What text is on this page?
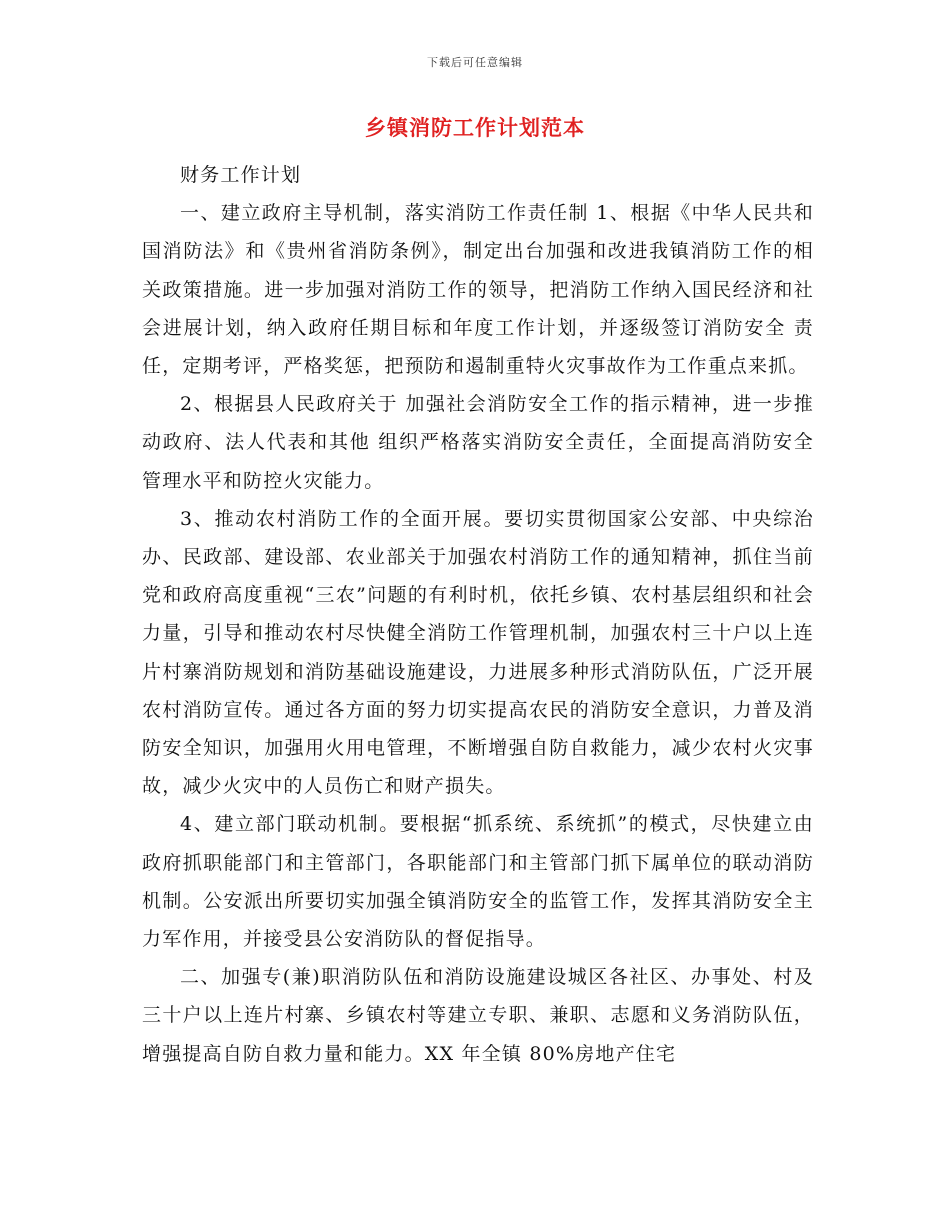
下载后可任意编辑
乡镇消防工作计划范本

财务工作计划

一、建立政府主导机制，落实消防工作责任制 1、根据《中华人民共和国消防法》和《贵州省消防条例》，制定出台加强和改进我镇消防工作的相关政策措施。进一步加强对消防工作的领导，把消防工作纳入国民经济和社会进展计划，纳入政府任期目标和年度工作计划，并逐级签订消防安全 责任，定期考评，严格奖惩，把预防和遏制重特火灾事故作为工作重点来抓。

2、根据县人民政府关于 加强社会消防安全工作的指示精神，进一步推动政府、法人代表和其他 组织严格落实消防安全责任，全面提高消防安全管理水平和防控火灾能力。

3、推动农村消防工作的全面开展。要切实贯彻国家公安部、中央综治办、民政部、建设部、农业部关于加强农村消防工作的通知精神，抓住当前党和政府高度重视“三农”问题的有利时机，依托乡镇、农村基层组织和社会力量，引导和推动农村尽快健全消防工作管理机制，加强农村三十户以上连片村寨消防规划和消防基础设施建设，力进展多种形式消防队伍，广泛开展农村消防宣传。通过各方面的努力切实提高农民的消防安全意识，力普及消防安全知识，加强用火用电管理，不断增强自防自救能力，减少农村火灾事故，减少火灾中的人员伤亡和财产损失。

4、建立部门联动机制。要根据“抓系统、系统抓”的模式，尽快建立由政府抓职能部门和主管部门，各职能部门和主管部门抓下属单位的联动消防机制。公安派出所要切实加强全镇消防安全的监管工作，发挥其消防安全主力军作用，并接受县公安消防队的督促指导。

二、加强专(兼)职消防队伍和消防设施建设城区各社区、办事处、村及三十户以上连片村寨、乡镇农村等建立专职、兼职、志愿和义务消防队伍，增强提高自防自救力量和能力。XX 年全镇 80%房地产住宅
